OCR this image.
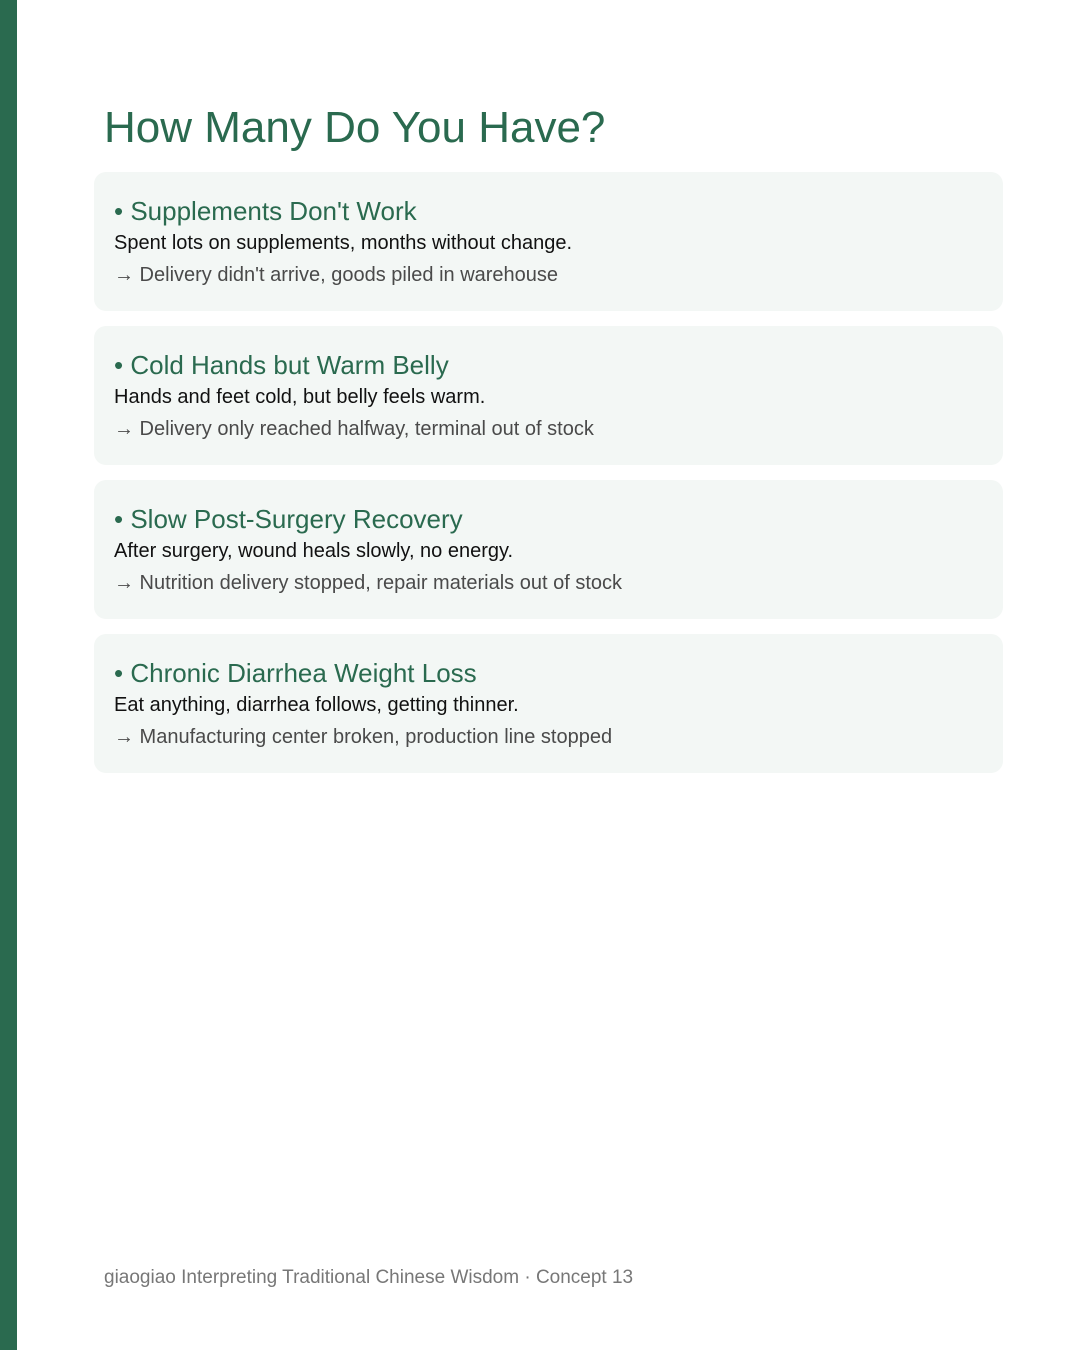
How Many Do You Have?
• Supplements Don't Work
Spent lots on supplements, months without change.
→ Delivery didn't arrive, goods piled in warehouse
• Cold Hands but Warm Belly
Hands and feet cold, but belly feels warm.
→ Delivery only reached halfway, terminal out of stock
• Slow Post-Surgery Recovery
After surgery, wound heals slowly, no energy.
→ Nutrition delivery stopped, repair materials out of stock
• Chronic Diarrhea Weight Loss
Eat anything, diarrhea follows, getting thinner.
→ Manufacturing center broken, production line stopped
giaogiao Interpreting Traditional Chinese Wisdom · Concept 13
